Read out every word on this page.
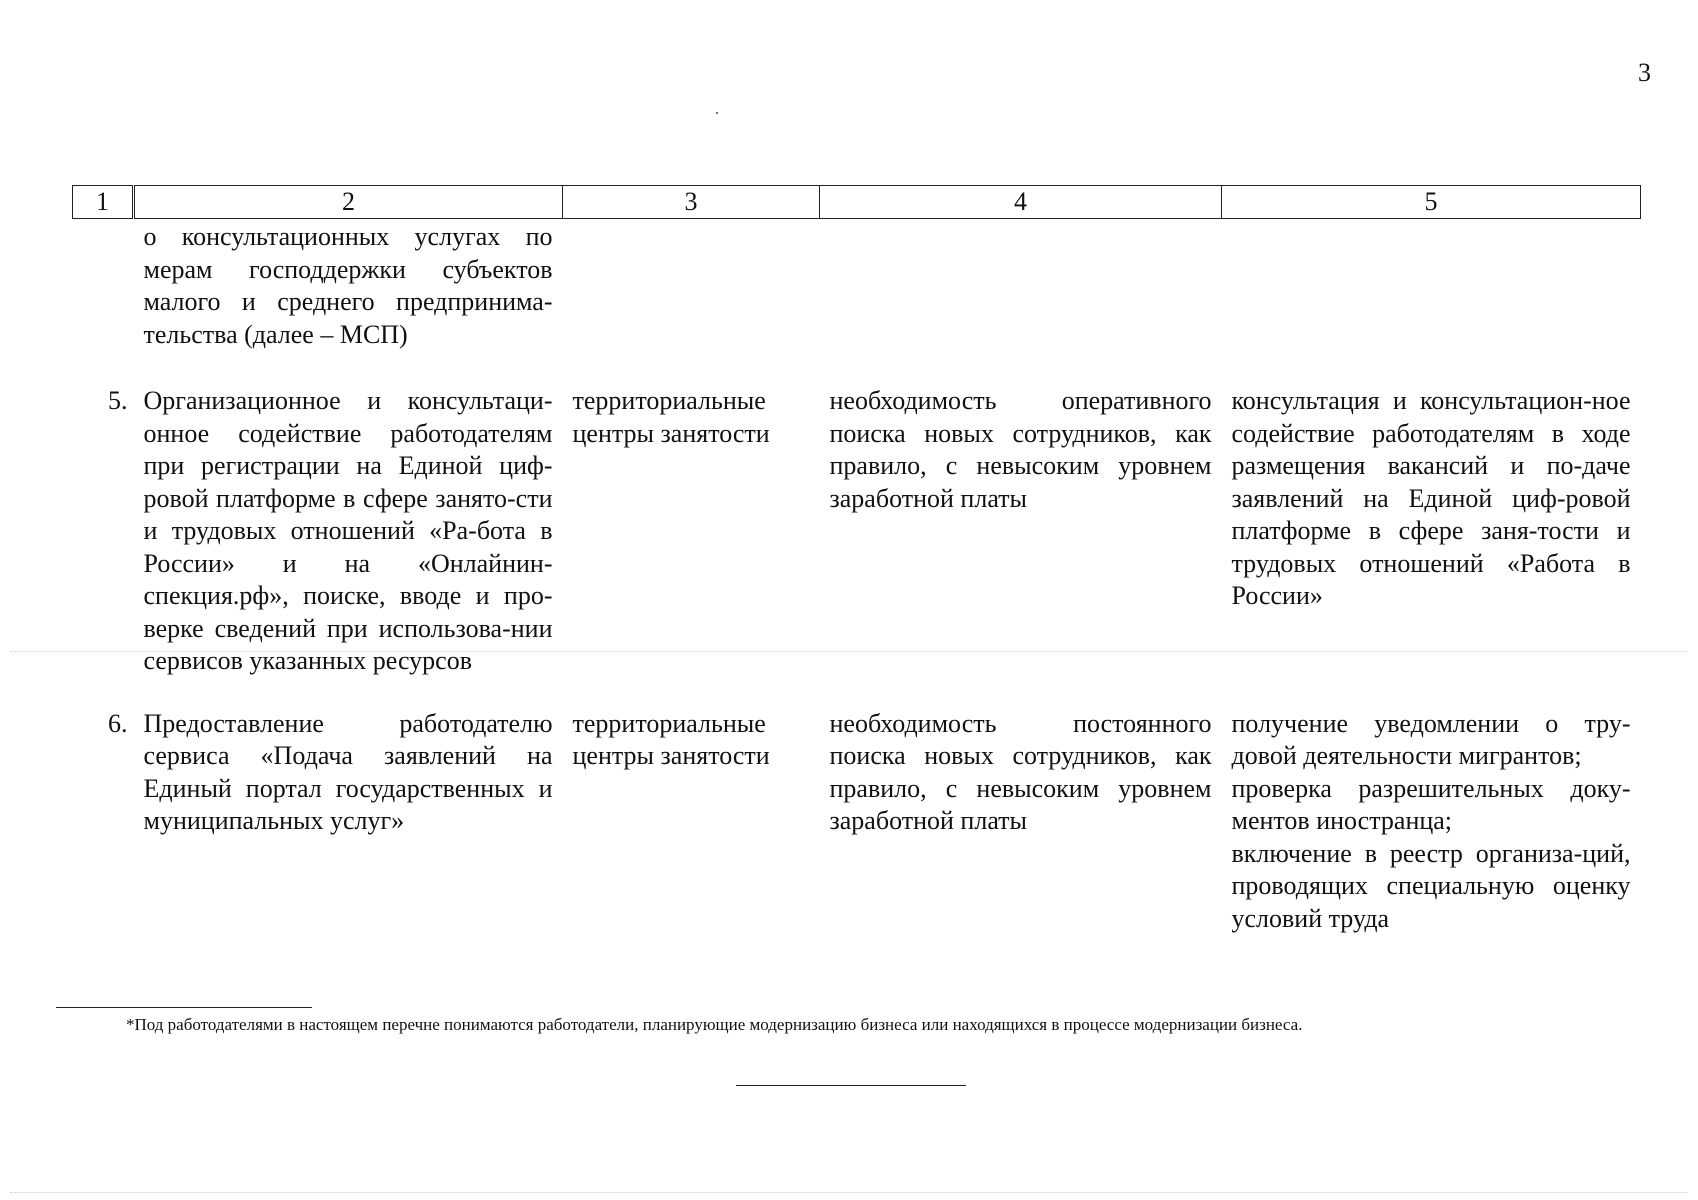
3
1	2	3	4	5
	о консультационных услугах по мерам господдержки субъектов малого и среднего предпринима-тельства (далее – МСП)			
5.	Организационное и консультаци-онное содействие работодателям при регистрации на Единой циф-ровой платформе в сфере занято-сти и трудовых отношений «Ра-бота в России» и на «Онлайнин-спекция.рф», поиске, вводе и про-верке сведений при использова-нии сервисов указанных ресурсов	территориальные центры занятости	необходимость оперативного поиска новых сотрудников, как правило, с невысоким уровнем заработной платы	консультация и консультацион-ное содействие работодателям в ходе размещения вакансий и по-даче заявлений на Единой циф-ровой платформе в сфере заня-тости и трудовых отношений «Работа в России»
6.	Предоставление работодателю сервиса «Подача заявлений на Единый портал государственных и муниципальных услуг»	территориальные центры занятости	необходимость постоянного поиска новых сотрудников, как правило, с невысоким уровнем заработной платы	получение уведомлении о тру-довой деятельности мигрантов;
проверка разрешительных доку-ментов иностранца;
включение в реестр организа-ций, проводящих специальную оценку условий труда
*Под работодателями в настоящем перечне понимаются работодатели, планирующие модернизацию бизнеса или находящихся в процессе модернизации бизнеса.
